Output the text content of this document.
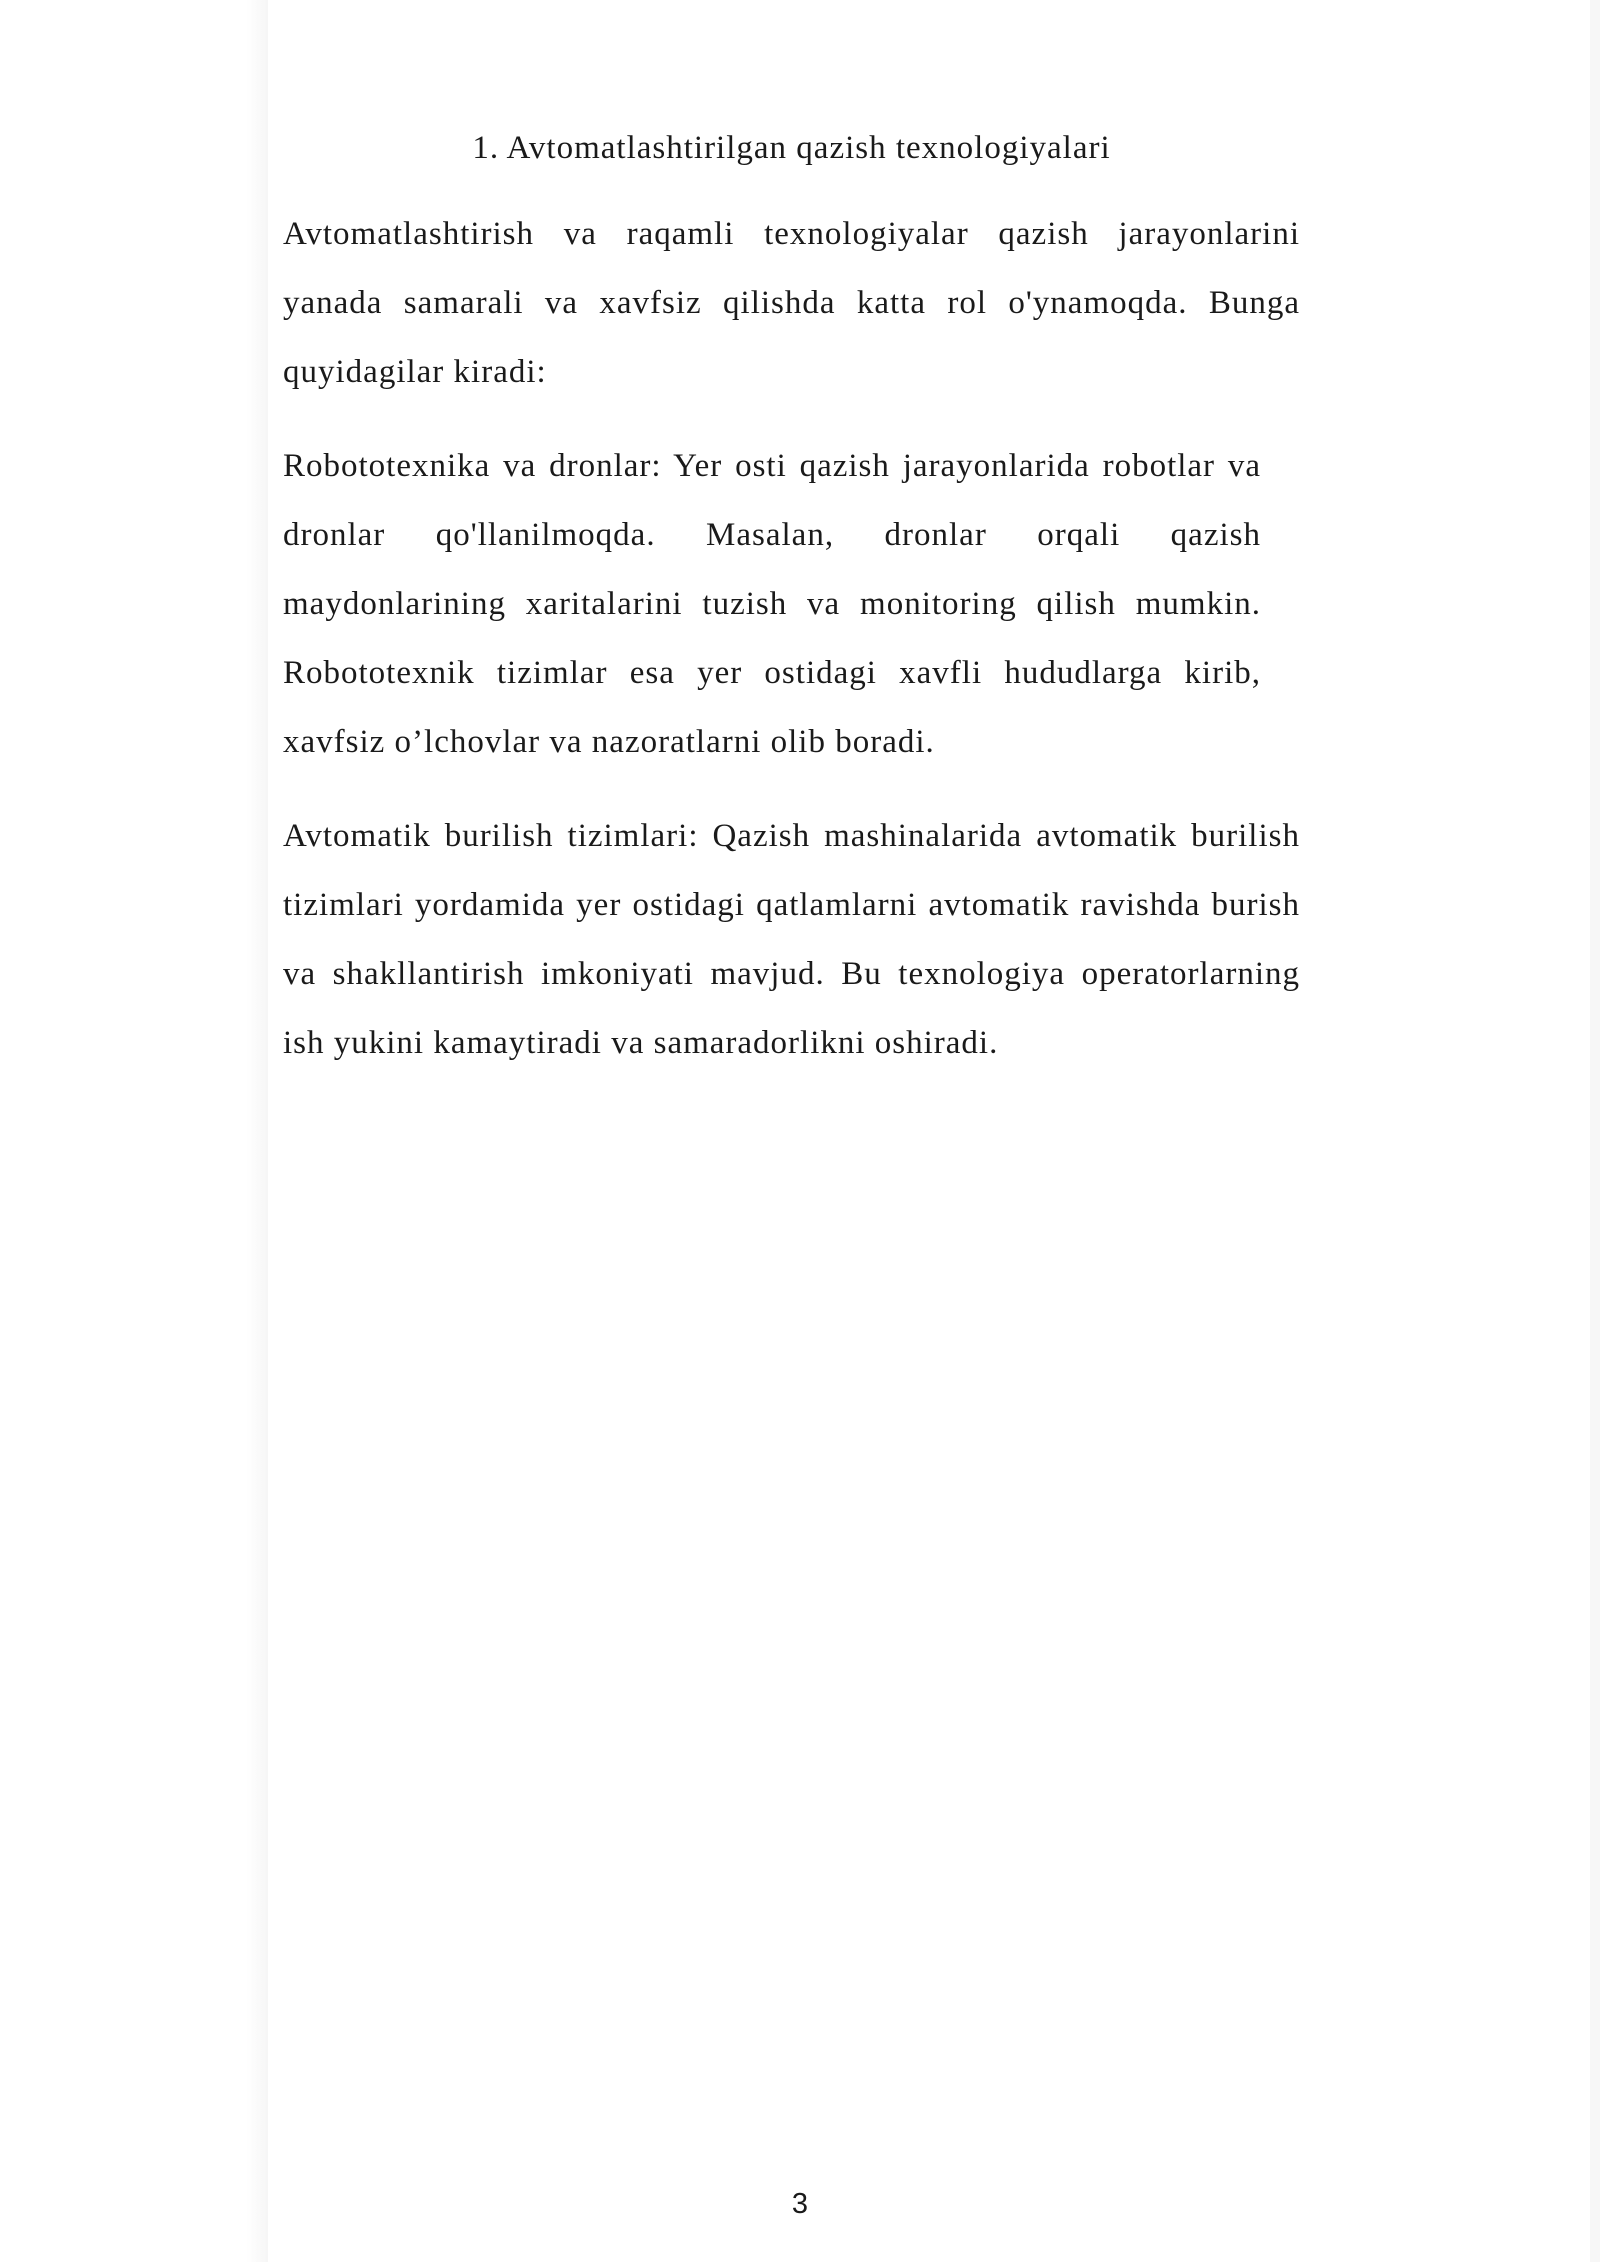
1. Avtomatlashtirilgan qazish texnologiyalari

Avtomatlashtirish va raqamli texnologiyalar qazish jarayonlarini yanada samarali va xavfsiz qilishda katta rol o'ynamoqda. Bunga quyidagilar kiradi:

Robototexnika va dronlar: Yer osti qazish jarayonlarida robotlar va dronlar qo'llanilmoqda. Masalan, dronlar orqali qazish maydonlarining xaritalarini tuzish va monitoring qilish mumkin. Robototexnik tizimlar esa yer ostidagi xavfli hududlarga kirib, xavfsiz o’lchovlar va nazoratlarni olib boradi.

Avtomatik burilish tizimlari: Qazish mashinalarida avtomatik burilish tizimlari yordamida yer ostidagi qatlamlarni avtomatik ravishda burish va shakllantirish imkoniyati mavjud. Bu texnologiya operatorlarning ish yukini kamaytiradi va samaradorlikni oshiradi.

3
